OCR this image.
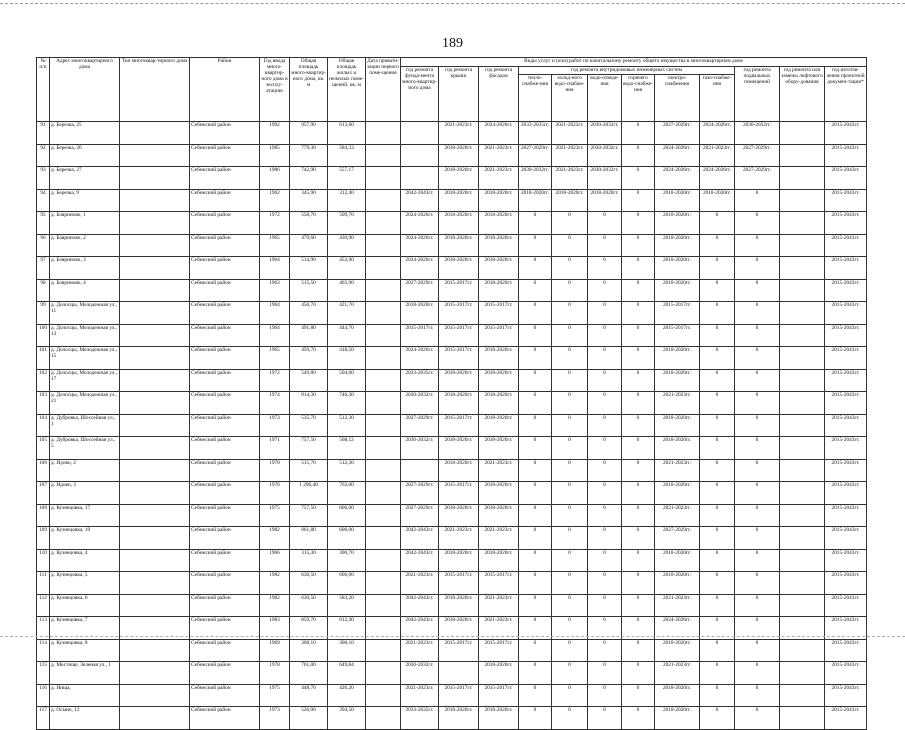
189
№ п/п	Адрес многоквартирного дома	Тип многоквар-тирного дома	Район	Год ввода много-квартир-ного дома в эксплу-атацию	Общая площадь много-квартир-ного дома, кв. м	Общая площадь жилых и нежилых поме-щений, кв. м	Дата привати-зации первого поме-щения	Виды услуг и (или) работ по капитальному ремонту общего имущества в многоквартирном доме											
								год ремонта фунда-мента много-квартир-ного дома	год ремонта крыши	год ремонта фасадов	год ремонта внутридомовых инженерных систем						год ремонта подвальных помещений	год ремонта или замены лифтового обору-дования	год изготов-ления проектной докумен-тации*
											тепло-снабже-ния	холод-ного водо-снабже-ния	водо-отведе-ния	горячего водо-снабже-ния	электро-снабжения	газо-снабже-ния			
91	д. Березка, 25		Себежский район	1992	957,90	613,60			2021-2023гг.	2024-2026гг.	2033-2035гг.	2021-2023гг.	2030-2032гг.	0	2027-2029гг.	2024-2026гг.	2030-2032гг.		2015-2043гг.
92	д. Березка, 26		Себежский район	1985	779,30	584,33			2018-2020гг.	2021-2023гг.	2027-2029гг.	2021-2023гг.	2030-2032гг.	0	2024-2026гг.	2021-2023гг.	2027-2029гг.		2015-2043гг.
93	д. Березка, 27		Себежский район	1986	742,90	557,17			2018-2020гг.	2021-2023гг.	2030-2032гг.	2021-2023гг.	2030-2032гг.	0	2024-2026гг.	2024-2026гг.	2027-2029гг.		2015-2043гг.
94	д. Березка, 9		Себежский район	1962	345,90	312,40		2042-2043гг.	2018-2020гг.	2018-2020гг.	2018-2020гг.	2018-2020гг.	2018-2020гг.	0	2018-2020гг.	2018-2020гг.	0		2015-2043гг.
95	д. Бояриново, 1		Себежский район	1972	558,70	509,70		2024-2026гг.	2018-2020гг.	2018-2020гг.	0	0	0	0	2018-2020гг.	0	0		2015-2043гг.
96	д. Бояриново, 2		Себежский район	1965	479,60	430,90		2024-2026гг.	2018-2020гг.	2018-2020гг.	0	0	0	0	2018-2020гг.	0	0		2015-2043гг.
97	д. Бояриново, 3		Себежский район	1964	514,90	453,90		2024-2026гг.	2018-2020гг.	2018-2020гг.	0	0	0	0	2018-2020гг.	0	0		2015-2043гг.
98	д. Бояриново, 4		Себежский район	1963	515,50	463,90		2027-2029гг.	2015-2017гг.	2018-2020гг.	0	0	0	0	2018-2020гг.	0	0		2015-2043гг.
99	д. Долосцы, Молодежная ул., 11		Себежский район	1964	456,70	421,70		2018-2020гг.	2015-2017гг.	2015-2017гг.	0	0	0	0	2015-2017гг.	0	0		2015-2043гг.
100	д. Долосцы, Молодежная ул., 13		Себежский район	1964	491,80	444,70		2015-2017гг.	2015-2017гг.	2015-2017гг.	0	0	0	0	2015-2017гг.	0	0		2015-2043гг.
101	д. Долосцы, Молодежная ул., 15		Себежский район	1965	459,70	418,50		2024-2026гг.	2015-2017гг.	2018-2020гг.	0	0	0	0	2018-2020гг.	0	0		2015-2043гг.
102	д. Долосцы, Молодежная ул., 17		Себежский район	1972	549,80	504,60		2033-2035гг.	2018-2020гг.	2018-2020гг.	0	0	0	0	2018-2020гг.	0	0		2015-2043гг.
103	д. Долосцы, Молодежная ул., 21		Себежский район	1974	814,30	746,30		2030-2032гг.	2018-2020гг.	2018-2020гг.	0	0	0	0	2021-2023гг.	0	0		2015-2043гг.
104	д. Дубровка, Шоссейная ул., 1		Себежский район	1973	535,70	512,30		2027-2029гг.	2015-2017гг.	2018-2020гг.	0	0	0	0	2018-2020гг.	0	0		2015-2043гг.
105	д. Дубровка, Шоссейная ул., 5		Себежский район	1971	757,50	568,12		2030-2032гг.	2018-2020гг.	2018-2020гг.	0	0	0	0	2018-2020гг.	0	0		2015-2043гг.
106	д. Идово, 2		Себежский район	1970	515,70	512,30			2018-2020гг.	2021-2023гг.	0	0	0	0	2021-2023гг.	0	0		2015-2043гг.
107	д. Идово, 3		Себежский район	1976	1 296,40	763,00		2027-2029гг.	2015-2017гг.	2018-2020гг.	0	0	0	0	2018-2020гг.	0	0		2015-2043гг.
108	д. Кузнецовка, 17		Себежский район	1975	757,50	606,00		2027-2029гг.	2018-2020гг.	2018-2020гг.	0	0	0	0	2021-2023гг.	0	0		2015-2043гг.
109	д. Кузнецовка, 19		Себежский район	1982	861,80	606,00		2042-2043гг.	2021-2023гг.	2021-2023гг.	0	0	0	0	2027-2029гг.	0	0		2015-2043гг.
110	д. Кузнецовка, 4		Себежский район	1966	315,30	300,70		2042-2043гг.	2018-2020гг.	2018-2020гг.	0	0	0	0	2018-2020гг.	0	0		2015-2043гг.
111	д. Кузнецовка, 5		Себежский район	1982	630,50	606,00		2021-2023гг.	2015-2017гг.	2015-2017гг.	0	0	0	0	2018-2020гг.	0	0		2015-2043гг.
112	д. Кузнецовка, 6		Себежский район	1982	630,50	583,20		2042-2043гг.	2018-2020гг.	2021-2023гг.	0	0	0	0	2021-2023гг.	0	0		2015-2043гг.
113	д. Кузнецовка, 7		Себежский район	1983	859,70	812,40		2042-2043гг.	2018-2020гг.	2021-2023гг.	0	0	0	0	2024-2026гг.	0	0		2015-2043гг.
114	д. Кузнецовка, 8		Себежский район	1969	308,10	308,10		2021-2023гг.	2015-2017гг.	2015-2017гг.	0	0	0	0	2018-2020гг.	0	0		2015-2043гг.
115	д. Мостище, Зеленая ул., 1		Себежский район	1978	761,00	649,84		2030-2032гг.		2018-2020гг.	0	0	0	0	2021-2023гг.	0	0		2015-2043гг.
116	д. Нища,		Себежский район	1975	448,70	426,20		2021-2023гг.	2015-2017гг.	2015-2017гг.	0	0	0	0	2018-2020гг.	0	0		2015-2043гг.
117	д. Осыно, 12		Себежский район	1973	526,00	394,50		2033-2035гг.	2018-2020гг.	2018-2020гг.	0	0	0	0	2018-2020гг.	0	0		2015-2043гг.
